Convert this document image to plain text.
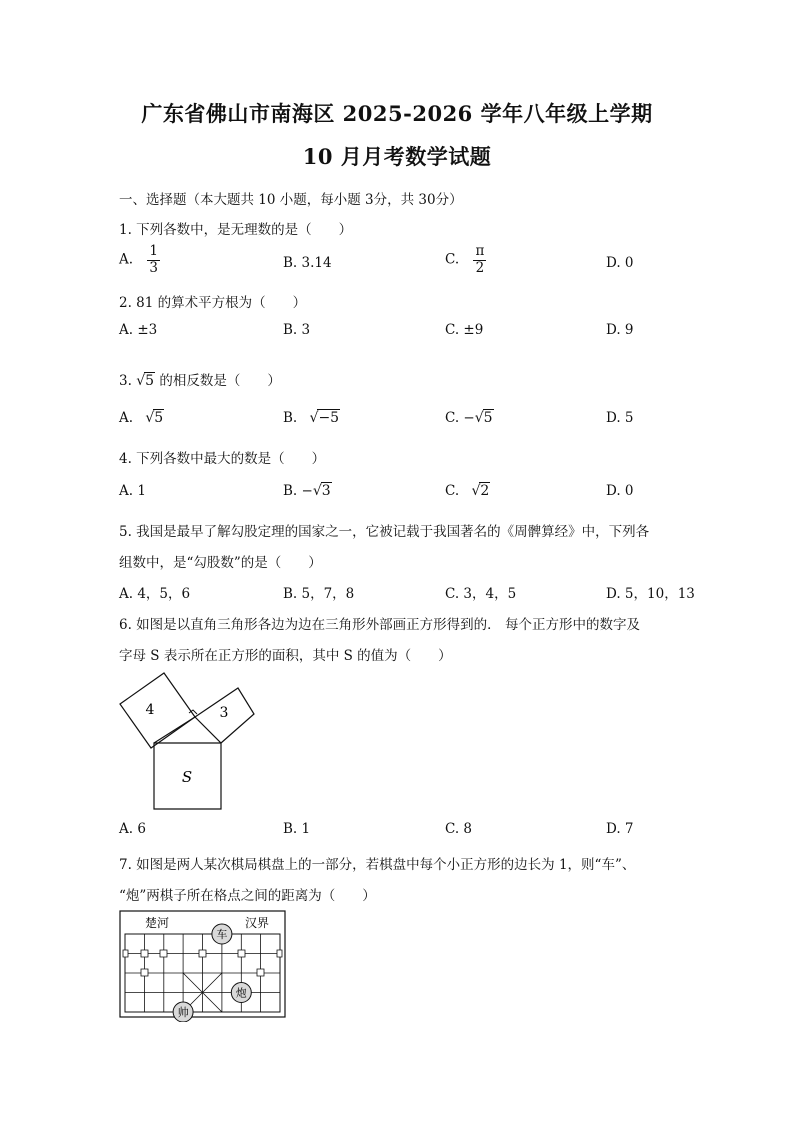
广东省佛山市南海区 2025-2026 学年八年级上学期
10 月月考数学试题
一、选择题（本大题共 10 小题，每小题 3分，共 30分）
1. 下列各数中，是无理数的是（　　）
A. $\frac{1}{3}$	B. 3.14	C. $\frac{\pi}{2}$	D. 0
2. 81 的算术平方根为（　　）
A. ±3	B. 3	C. ±9	D. 9
3. √5 的相反数是（　　）
A. √5	B. √−5	C. −√5	D. 5
4. 下列各数中最大的数是（　　）
A. 1	B. −√3	C. √2	D. 0
5. 我国是最早了解勾股定理的国家之一，它被记载于我国著名的《周髀算经》中，下列各
组数中，是“勾股数”的是（　　）
A. 4，5，6	B. 5，7，8	C. 3，4，5	D. 5，10，13
6. 如图是以直角三角形各边为边在三角形外部画正方形得到的． 每个正方形中的数字及
字母 S 表示所在正方形的面积，其中 S 的值为（　　）
4	3
S
A. 6	B. 1	C. 8	D. 7
7. 如图是两人某次棋局棋盘上的一部分，若棋盘中每个小正方形的边长为 1，则“车”、
“炮”两棋子所在格点之间的距离为（　　）
楚河	汉界
车
炮
帅
